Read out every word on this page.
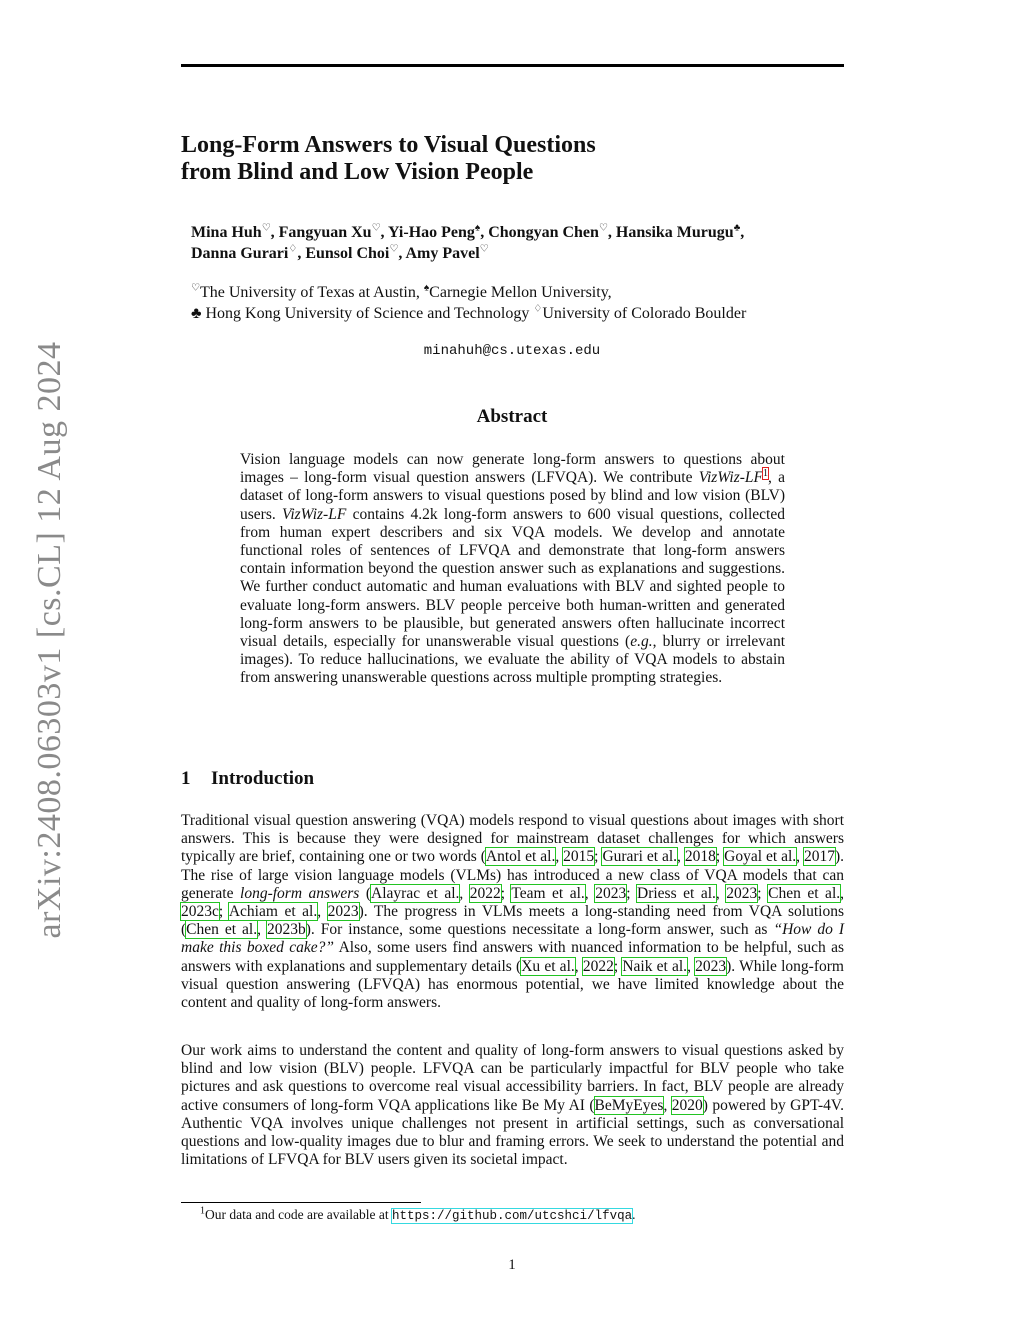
arXiv:2408.06303v1 [cs.CL] 12 Aug 2024
Long-Form Answers to Visual Questions
from Blind and Low Vision People
Mina Huh♡, Fangyuan Xu♡, Yi-Hao Peng♠, Chongyan Chen♡, Hansika Murugu♣,
Danna Gurari♢, Eunsol Choi♡, Amy Pavel♡
♡The University of Texas at Austin, ♠Carnegie Mellon University,
♣ Hong Kong University of Science and Technology ♢University of Colorado Boulder
minahuh@cs.utexas.edu
Abstract
Vision language models can now generate long-form answers to questions about images – long-form visual question answers (LFVQA). We contribute VizWiz-LF$^1$, a dataset of long-form answers to visual questions posed by blind and low vision (BLV) users. VizWiz-LF contains 4.2k long-form answers to 600 visual questions, collected from human expert describers and six VQA models. We develop and annotate functional roles of sentences of LFVQA and demonstrate that long-form answers contain information beyond the question answer such as explanations and suggestions. We further conduct automatic and human evaluations with BLV and sighted people to evaluate long-form answers. BLV people perceive both human-written and generated long-form answers to be plausible, but generated answers often hallucinate incorrect visual details, especially for unanswerable visual questions (e.g., blurry or irrelevant images). To reduce hallucinations, we evaluate the ability of VQA models to abstain from answering unanswerable questions across multiple prompting strategies.
1 Introduction
Traditional visual question answering (VQA) models respond to visual questions about images with short answers. This is because they were designed for mainstream dataset challenges for which answers typically are brief, containing one or two words (Antol et al., 2015; Gurari et al., 2018; Goyal et al., 2017). The rise of large vision language models (VLMs) has introduced a new class of VQA models that can generate long-form answers (Alayrac et al., 2022; Team et al., 2023; Driess et al., 2023; Chen et al., 2023c; Achiam et al., 2023). The progress in VLMs meets a long-standing need from VQA solutions (Chen et al., 2023b). For instance, some questions necessitate a long-form answer, such as “How do I make this boxed cake?” Also, some users find answers with nuanced information to be helpful, such as answers with explanations and supplementary details (Xu et al., 2022; Naik et al., 2023). While long-form visual question answering (LFVQA) has enormous potential, we have limited knowledge about the content and quality of long-form answers.
Our work aims to understand the content and quality of long-form answers to visual questions asked by blind and low vision (BLV) people. LFVQA can be particularly impactful for BLV people who take pictures and ask questions to overcome real visual accessibility barriers. In fact, BLV people are already active consumers of long-form VQA applications like Be My AI (BeMyEyes, 2020) powered by GPT-4V. Authentic VQA involves unique challenges not present in artificial settings, such as conversational questions and low-quality images due to blur and framing errors. We seek to understand the potential and limitations of LFVQA for BLV users given its societal impact.
$^1$Our data and code are available at https://github.com/utcshci/lfvqa.
1
